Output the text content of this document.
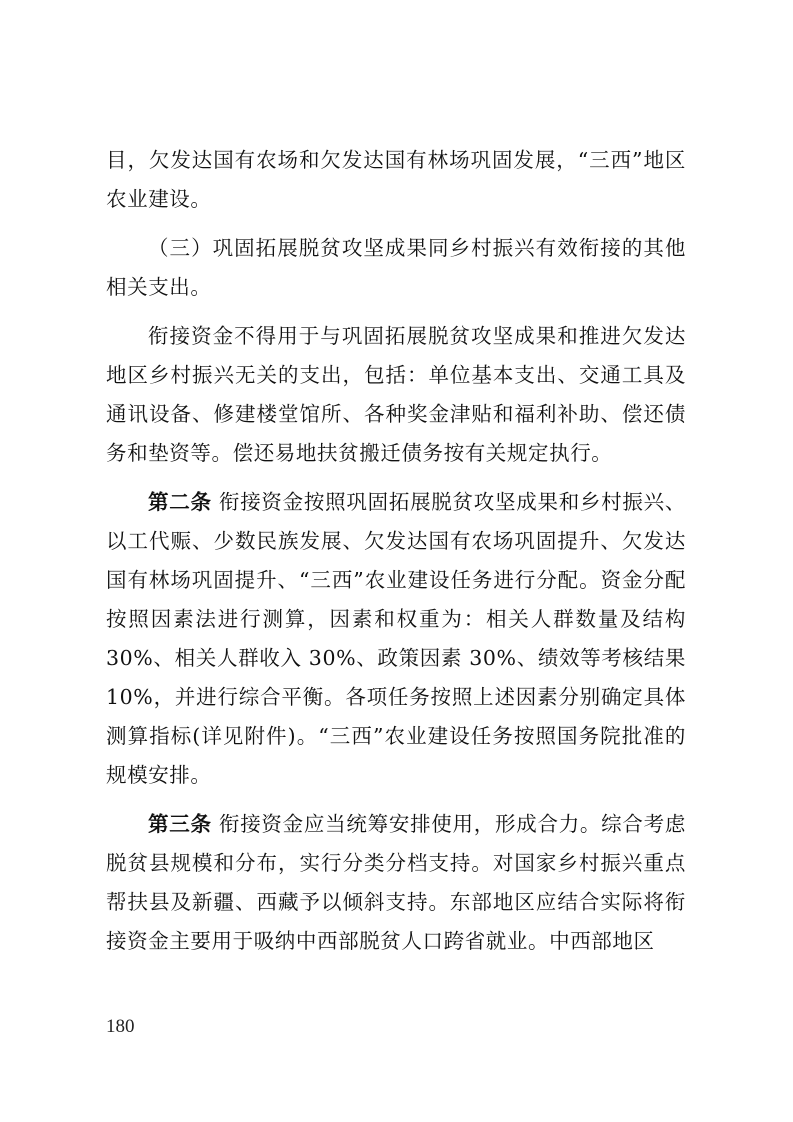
目，欠发达国有农场和欠发达国有林场巩固发展，“三西”地区农业建设。

（三）巩固拓展脱贫攻坚成果同乡村振兴有效衔接的其他相关支出。

衔接资金不得用于与巩固拓展脱贫攻坚成果和推进欠发达地区乡村振兴无关的支出，包括：单位基本支出、交通工具及通讯设备、修建楼堂馆所、各种奖金津贴和福利补助、偿还债务和垫资等。偿还易地扶贫搬迁债务按有关规定执行。

第二条 衔接资金按照巩固拓展脱贫攻坚成果和乡村振兴、以工代赈、少数民族发展、欠发达国有农场巩固提升、欠发达国有林场巩固提升、“三西”农业建设任务进行分配。资金分配按照因素法进行测算，因素和权重为：相关人群数量及结构 30%、相关人群收入 30%、政策因素 30%、绩效等考核结果 10%，并进行综合平衡。各项任务按照上述因素分别确定具体测算指标(详见附件)。“三西”农业建设任务按照国务院批准的规模安排。

第三条 衔接资金应当统筹安排使用，形成合力。综合考虑脱贫县规模和分布，实行分类分档支持。对国家乡村振兴重点帮扶县及新疆、西藏予以倾斜支持。东部地区应结合实际将衔接资金主要用于吸纳中西部脱贫人口跨省就业。中西部地区

180
